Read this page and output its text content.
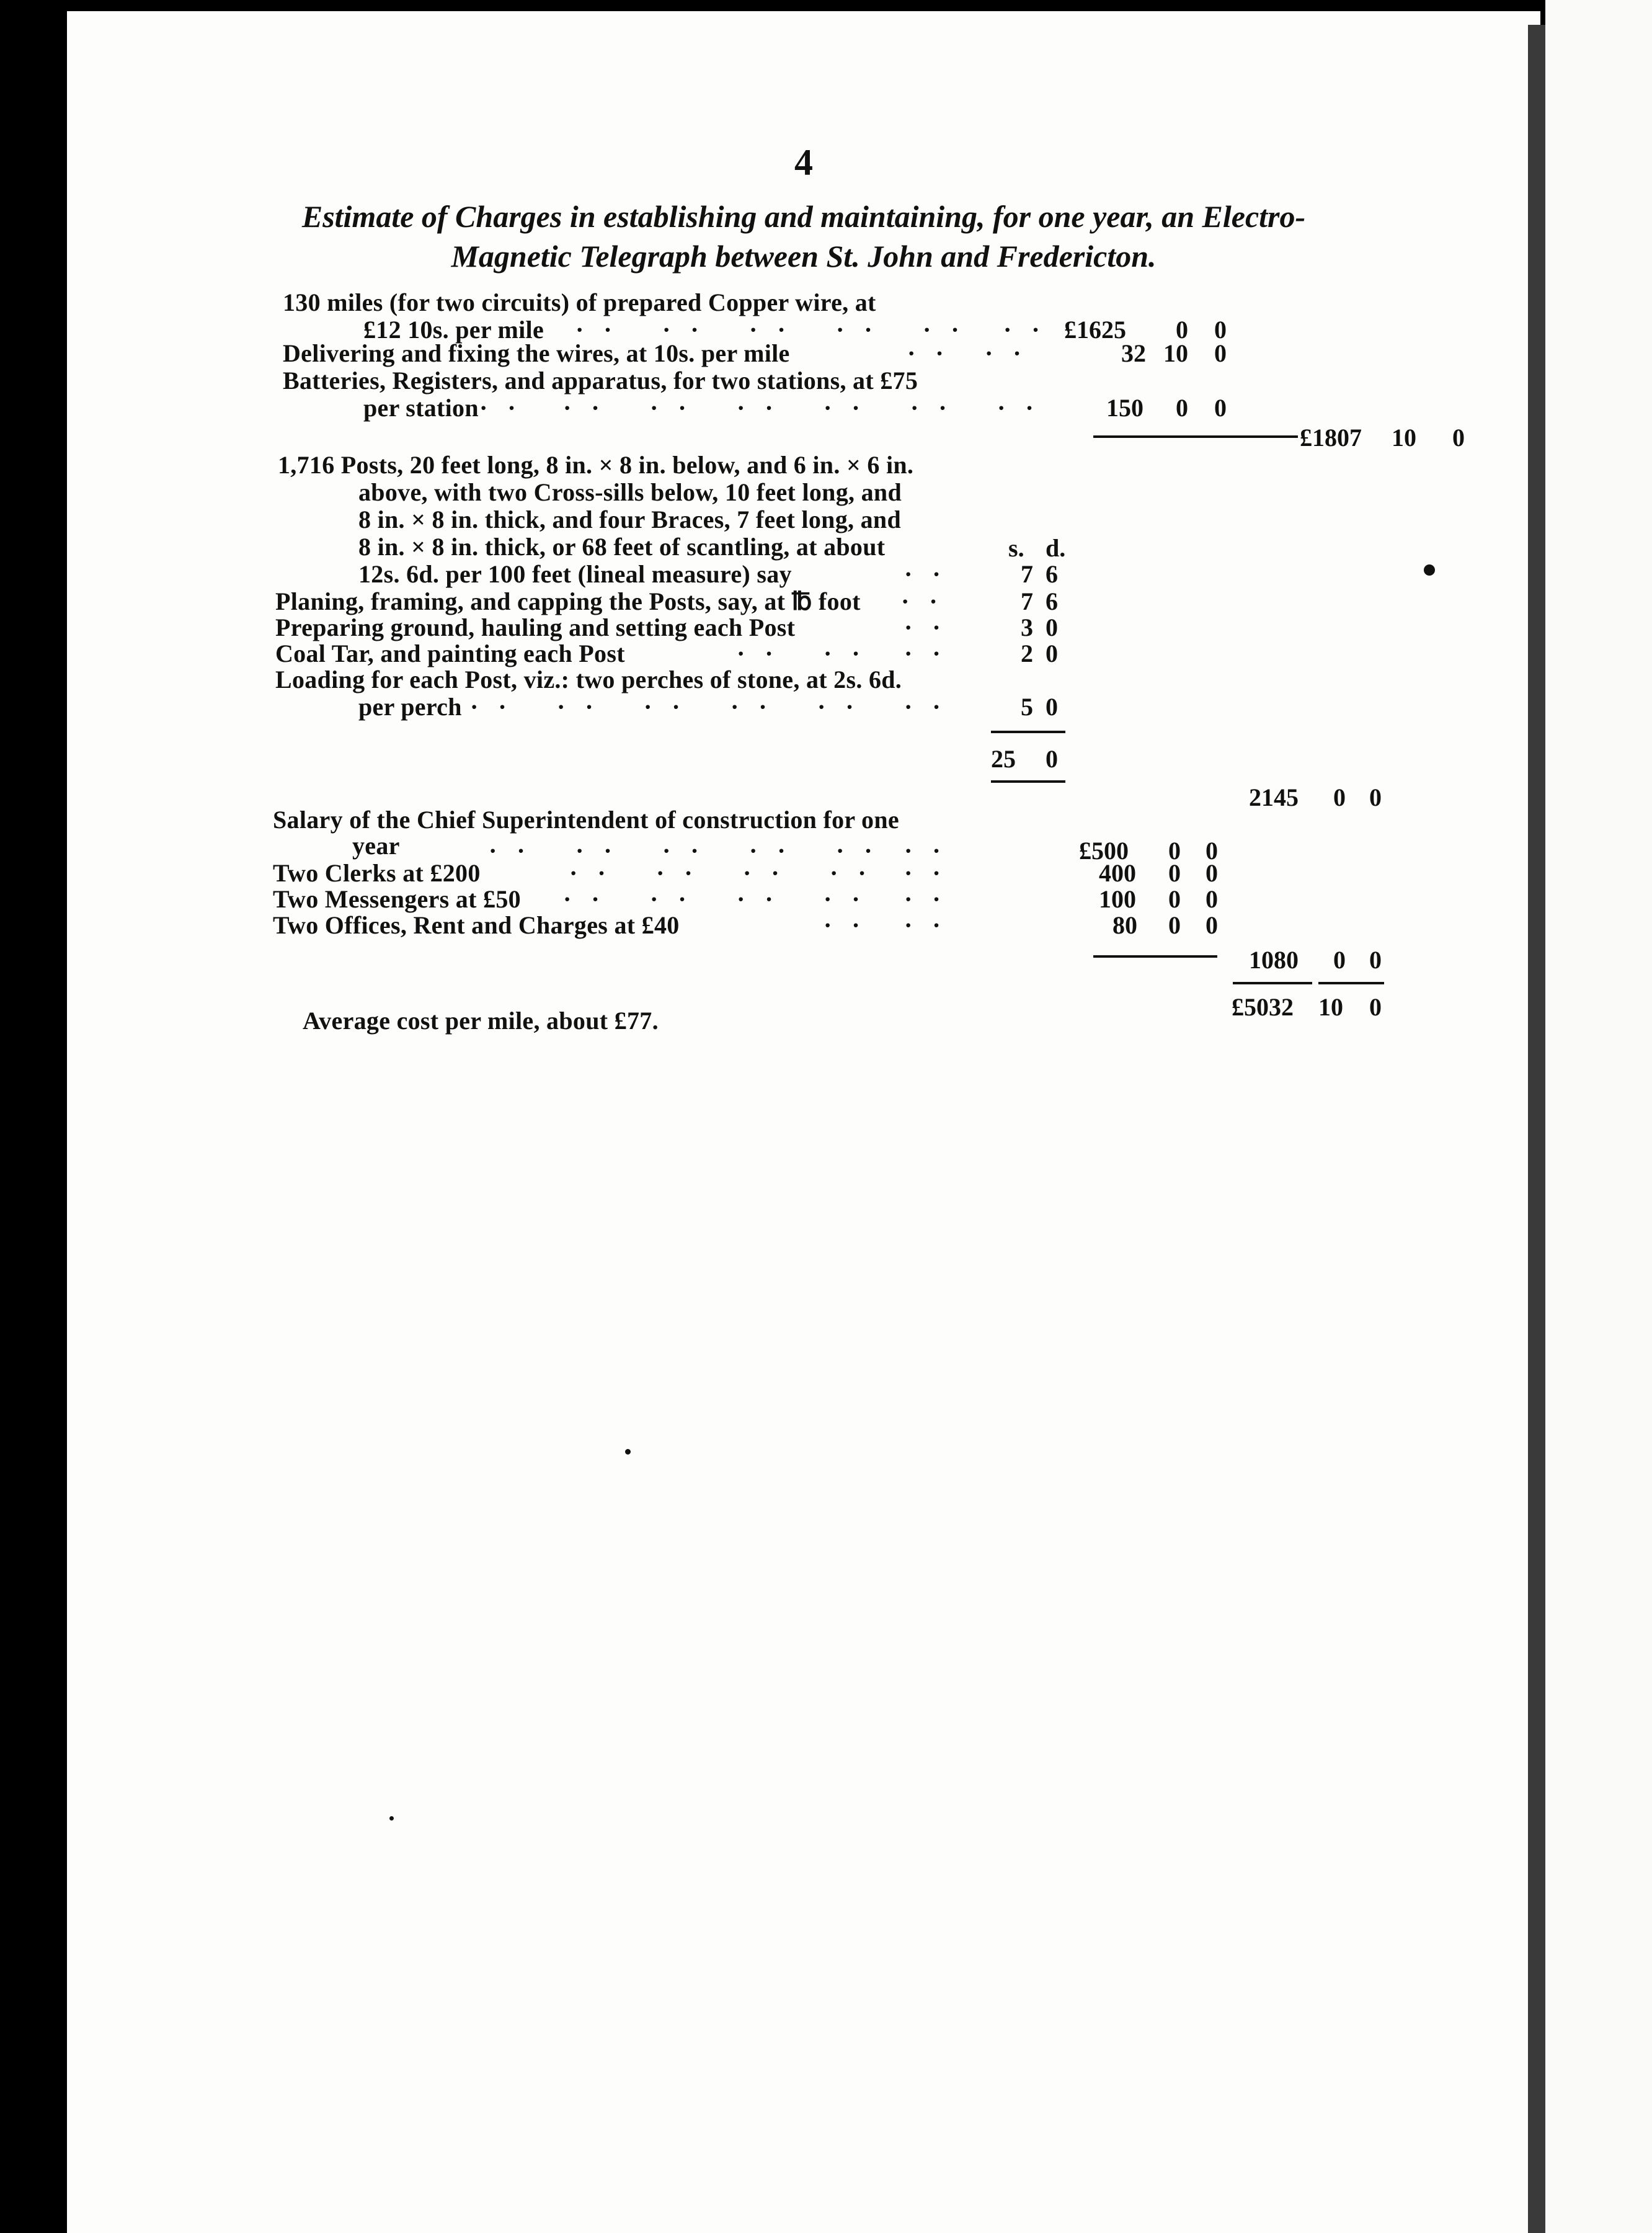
4
Estimate of Charges in establishing and maintaining, for one year, an Electro-
Magnetic Telegraph between St. John and Fredericton.
130 miles (for two circuits) of prepared Copper wire, at
£12 10s. per mile ·· ·· ·· ·· ·· ·· £1625 0 0
Delivering and fixing the wires, at 10s. per mile	·· ··	32 10 0
Batteries, Registers, and apparatus, for two stations, at £75
per station ·· ·· ·· ·· ·· ·· ·· 150 0 0
£1807 10 0
1,716 Posts, 20 feet long, 8 in. × 8 in. below, and 6 in. × 6 in.
above, with two Cross-sills below, 10 feet long, and
8 in. × 8 in. thick, and four Braces, 7 feet long, and
8 in. × 8 in. thick, or 68 feet of scantling, at about	s. d.
12s. 6d. per 100 feet (lineal measure) say	·· 7 6
Planing, framing, and capping the Posts, say, at ℔ foot ··	7 6
Preparing ground, hauling and setting each Post	·· 3 0
Coal Tar, and painting each Post	·· ·· ·· 2 0
Loading for each Post, viz.: two perches of stone, at 2s. 6d.
per perch ·· ·· ·· ·· ·· ·· 5 0
25 0
2145 0 0
Salary of the Chief Superintendent of construction for one
year	·· ·· ·· ·· ·· ··	£500 0 0
Two Clerks at £200	·· ·· ·· ·· ··	400 0 0
Two Messengers at £50 ·· ·· ·· ·· ··	100 0 0
Two Offices, Rent and Charges at £40	·· ··	80 0 0
1080 0 0
£5032 10 0
Average cost per mile, about £77.
